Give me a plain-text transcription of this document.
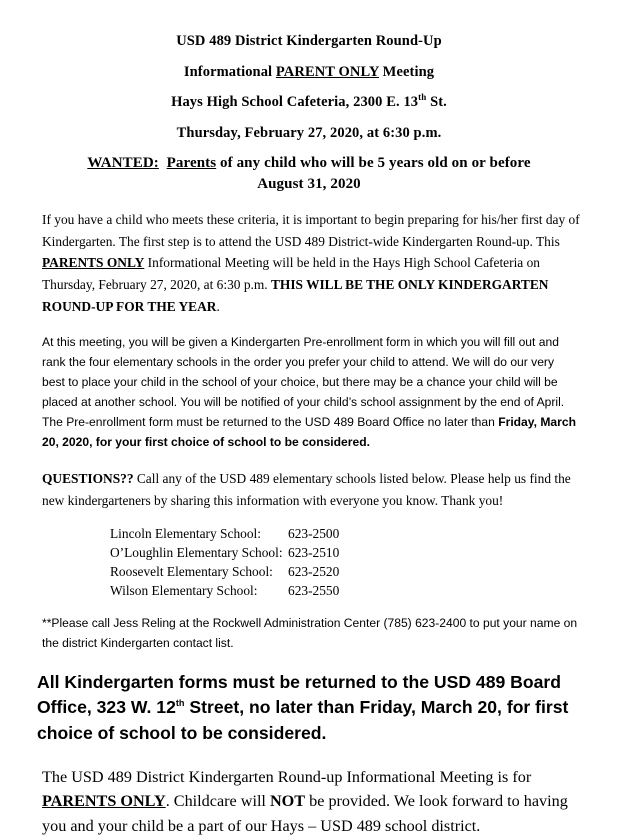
USD 489 District Kindergarten Round-Up
Informational PARENT ONLY Meeting
Hays High School Cafeteria, 2300 E. 13th St.
Thursday, February 27, 2020, at 6:30 p.m.
WANTED: Parents of any child who will be 5 years old on or before
August 31, 2020

If you have a child who meets these criteria, it is important to begin preparing for his/her first day of Kindergarten. The first step is to attend the USD 489 District-wide Kindergarten Round-up. This PARENTS ONLY Informational Meeting will be held in the Hays High School Cafeteria on Thursday, February 27, 2020, at 6:30 p.m. THIS WILL BE THE ONLY KINDERGARTEN ROUND-UP FOR THE YEAR.

At this meeting, you will be given a Kindergarten Pre-enrollment form in which you will fill out and rank the four elementary schools in the order you prefer your child to attend. We will do our very best to place your child in the school of your choice, but there may be a chance your child will be placed at another school. You will be notified of your child’s school assignment by the end of April. The Pre-enrollment form must be returned to the USD 489 Board Office no later than Friday, March 20, 2020, for your first choice of school to be considered.

QUESTIONS?? Call any of the USD 489 elementary schools listed below. Please help us find the new kindergarteners by sharing this information with everyone you know. Thank you!

Lincoln Elementary School:	623-2500
O’Loughlin Elementary School:	623-2510
Roosevelt Elementary School:	623-2520
Wilson Elementary School:	623-2550

**Please call Jess Reling at the Rockwell Administration Center (785) 623-2400 to put your name on the district Kindergarten contact list.

All Kindergarten forms must be returned to the USD 489 Board Office, 323 W. 12th Street, no later than Friday, March 20, for first choice of school to be considered.

The USD 489 District Kindergarten Round-up Informational Meeting is for PARENTS ONLY. Childcare will NOT be provided. We look forward to having you and your child be a part of our Hays – USD 489 school district.
